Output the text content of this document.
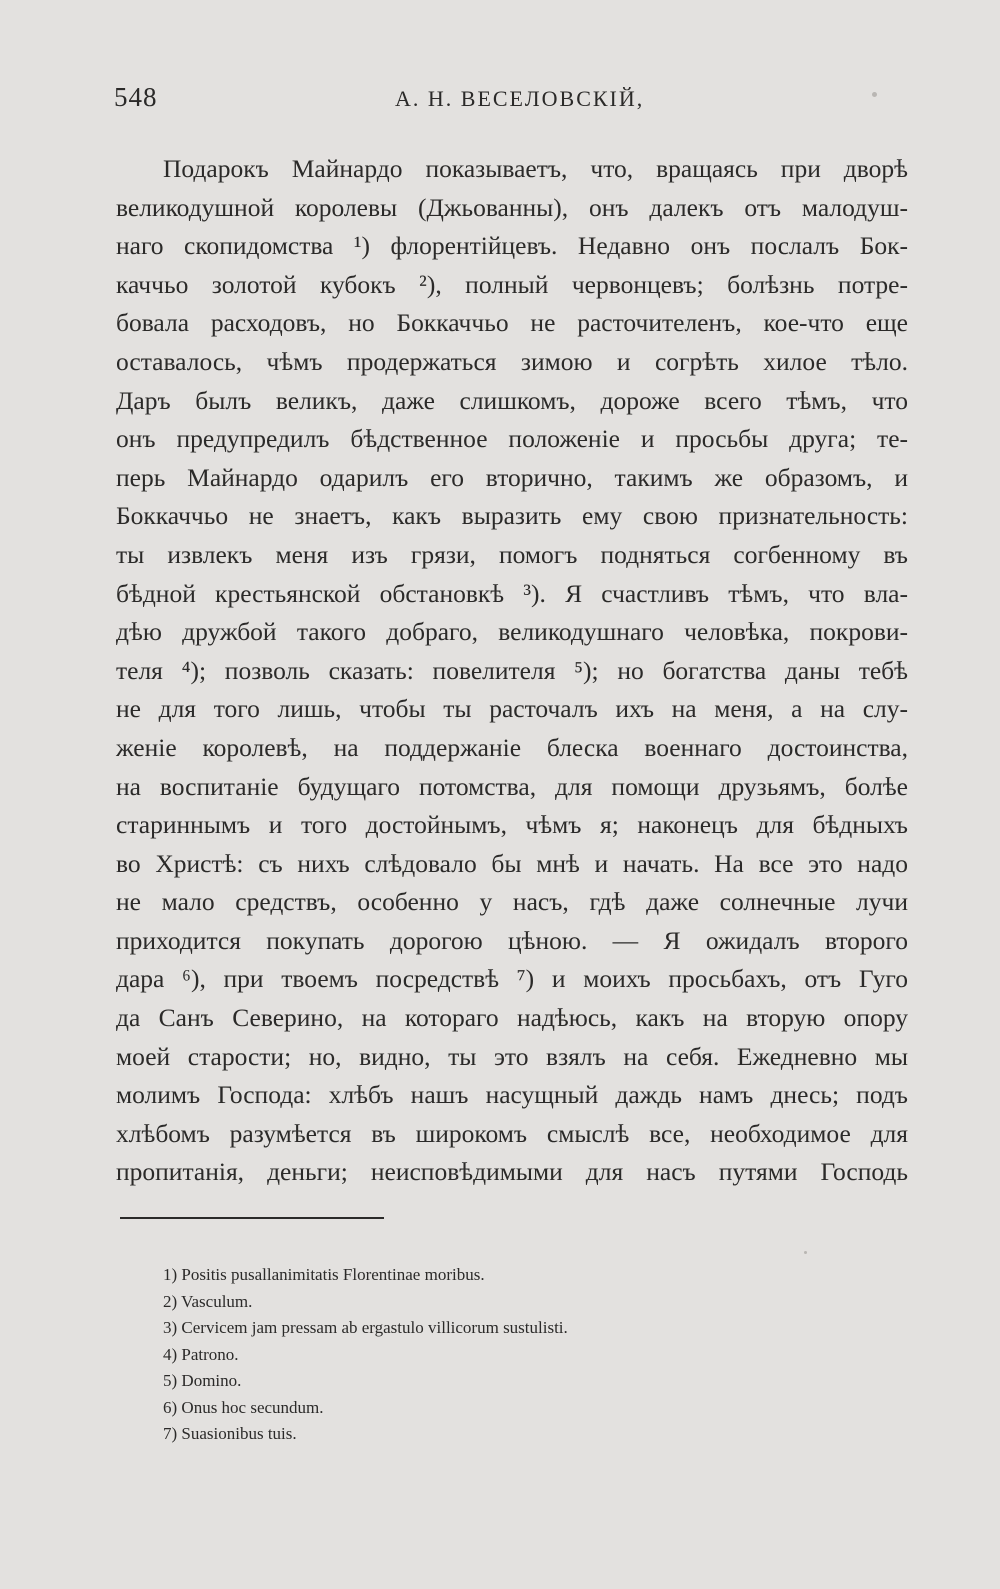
548	А. Н. ВЕСЕЛОВСКІЙ,
Подарокъ Майнардо показываетъ, что, вращаясь при дворѣ
великодушной королевы (Джьованны), онъ далекъ отъ малодуш-
наго скопидомства ¹) флорентійцевъ. Недавно онъ послалъ Бок-
каччьо золотой кубокъ ²), полный червонцевъ; болѣзнь потре-
бовала расходовъ, но Боккаччьо не расточителенъ, кое-что еще
оставалось, чѣмъ продержаться зимою и согрѣть хилое тѣло.
Даръ былъ великъ, даже слишкомъ, дороже всего тѣмъ, что
онъ предупредилъ бѣдственное положеніе и просьбы друга; те-
перь Майнардо одарилъ его вторично, такимъ же образомъ, и
Боккаччьо не знаетъ, какъ выразить ему свою признательность:
ты извлекъ меня изъ грязи, помогъ подняться согбенному въ
бѣдной крестьянской обстановкѣ ³). Я счастливъ тѣмъ, что вла-
дѣю дружбой такого добраго, великодушнаго человѣка, покрови-
теля ⁴); позволь сказать: повелителя ⁵); но богатства даны тебѣ
не для того лишь, чтобы ты расточалъ ихъ на меня, а на слу-
женіе королевѣ, на поддержаніе блеска военнаго достоинства,
на воспитаніе будущаго потомства, для помощи друзьямъ, болѣе
стариннымъ и того достойнымъ, чѣмъ я; наконецъ для бѣдныхъ
во Христѣ: съ нихъ слѣдовало бы мнѣ и начать. На все это надо
не мало средствъ, особенно у насъ, гдѣ даже солнечные лучи
приходится покупать дорогою цѣною. — Я ожидалъ второго
дара ⁶), при твоемъ посредствѣ ⁷) и моихъ просьбахъ, отъ Гуго
да Санъ Северино, на котораго надѣюсь, какъ на вторую опору
моей старости; но, видно, ты это взялъ на себя. Ежедневно мы
молимъ Господа: хлѣбъ нашъ насущный даждь намъ днесь; подъ
хлѣбомъ разумѣется въ широкомъ смыслѣ все, необходимое для
пропитанія, деньги; неисповѣдимыми для насъ путями Господь
1) Positis pusallanimitatis Florentinae moribus.
2) Vasculum.
3) Cervicem jam pressam ab ergastulo villicorum sustulisti.
4) Patrono.
5) Domino.
6) Onus hoc secundum.
7) Suasionibus tuis.
